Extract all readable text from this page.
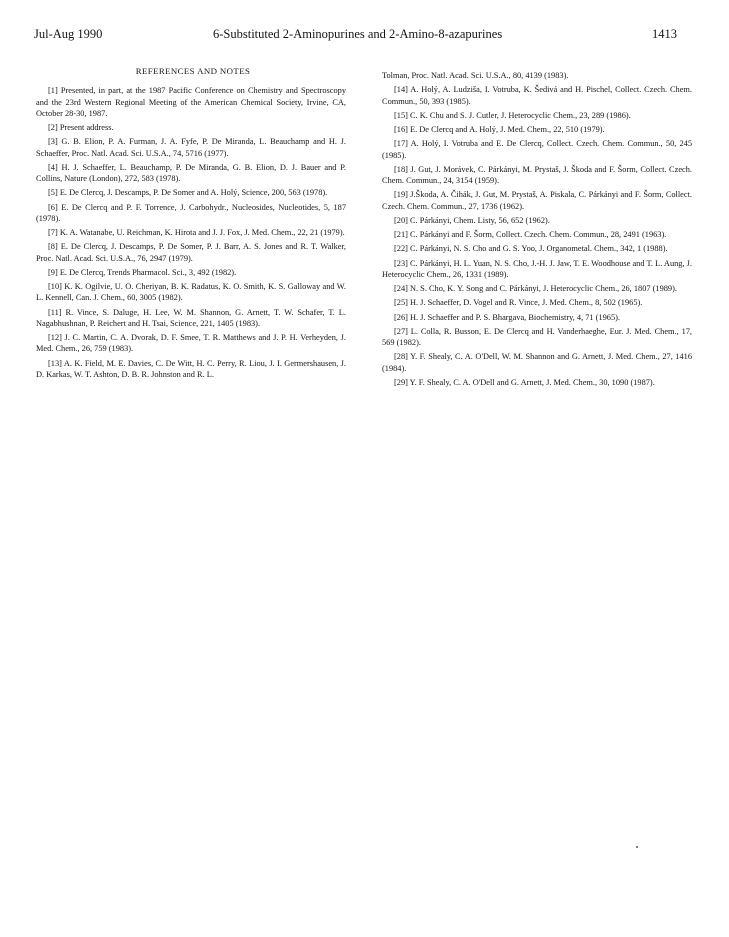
Jul-Aug 1990	6-Substituted 2-Aminopurines and 2-Amino-8-azapurines	1413
REFERENCES AND NOTES

[1] Presented, in part, at the 1987 Pacific Conference on Chemistry and Spectroscopy and the 23rd Western Regional Meeting of the American Chemical Society, Irvine, CA, October 28-30, 1987.

[2] Present address.

[3] G. B. Elion, P. A. Furman, J. A. Fyfe, P. De Miranda, L. Beauchamp and H. J. Schaeffer, Proc. Natl. Acad. Sci. U.S.A., 74, 5716 (1977).

[4] H. J. Schaeffer, L. Beauchamp, P. De Miranda, G. B. Elion, D. J. Bauer and P. Collins, Nature (London), 272, 583 (1978).

[5] E. De Clercq, J. Descamps, P. De Somer and A. Holý, Science, 200, 563 (1978).

[6] E. De Clercq and P. F. Torrence, J. Carbohydr., Nucleosides, Nucleotides, 5, 187 (1978).

[7] K. A. Watanabe, U. Reichman, K. Hirota and J. J. Fox, J. Med. Chem., 22, 21 (1979).

[8] E. De Clercq, J. Descamps, P. De Somer, P. J. Barr, A. S. Jones and R. T. Walker, Proc. Natl. Acad. Sci. U.S.A., 76, 2947 (1979).

[9] E. De Clercq, Trends Pharmacol. Sci., 3, 492 (1982).

[10] K. K. Ogilvie, U. O. Cheriyan, B. K. Radatus, K. O. Smith, K. S. Galloway and W. L. Kennell, Can. J. Chem., 60, 3005 (1982).

[11] R. Vince, S. Daluge, H. Lee, W. M. Shannon, G. Arnett, T. W. Schafer, T. L. Nagabhushnan, P. Reichert and H. Tsai, Science, 221, 1405 (1983).

[12] J. C. Martin, C. A. Dvorak, D. F. Smee, T. R. Matthews and J. P. H. Verheyden, J. Med. Chem., 26, 759 (1983).

[13] A. K. Field, M. E. Davies, C. De Witt, H. C. Perry, R. Liou, J. I. Germershausen, J. D. Karkas, W. T. Ashton, D. B. R. Johnston and R. L.

Tolman, Proc. Natl. Acad. Sci. U.S.A., 80, 4139 (1983).

[14] A. Holý, A. Ludziša, I. Votruba, K. Šedivá and H. Pischel, Collect. Czech. Chem. Commun., 50, 393 (1985).

[15] C. K. Chu and S. J. Cutler, J. Heterocyclic Chem., 23, 289 (1986).

[16] E. De Clercq and A. Holý, J. Med. Chem., 22, 510 (1979).

[17] A. Holý, I. Votruba and E. De Clercq, Collect. Czech. Chem. Commun., 50, 245 (1985).

[18] J. Gut, J. Morávek, C. Párkányi, M. Prystaš, J. Škoda and F. Šorm, Collect. Czech. Chem. Commun., 24, 3154 (1959).

[19] J.Škoda, A. Čihák, J. Gut, M. Prystaš, A. Piskala, C. Párkányi and F. Šorm, Collect. Czech. Chem. Commun., 27, 1736 (1962).

[20] C. Párkányi, Chem. Listy, 56, 652 (1962).

[21] C. Párkányi and F. Šorm, Collect. Czech. Chem. Commun., 28, 2491 (1963).

[22] C. Párkányi, N. S. Cho and G. S. Yoo, J. Organometal. Chem., 342, 1 (1988).

[23] C. Párkányi, H. L. Yuan, N. S. Cho, J.-H. J. Jaw, T. E. Woodhouse and T. L. Aung, J. Heterocyclic Chem., 26, 1331 (1989).

[24] N. S. Cho, K. Y. Song and C. Párkányi, J. Heterocyclic Chem., 26, 1807 (1989).

[25] H. J. Schaeffer, D. Vogel and R. Vince, J. Med. Chem., 8, 502 (1965).

[26] H. J. Schaeffer and P. S. Bhargava, Biochemistry, 4, 71 (1965).

[27] L. Colla, R. Busson, E. De Clercq and H. Vanderhaeghe, Eur. J. Med. Chem., 17, 569 (1982).

[28] Y. F. Shealy, C. A. O'Dell, W. M. Shannon and G. Arnett, J. Med. Chem., 27, 1416 (1984).

[29] Y. F. Shealy, C. A. O'Dell and G. Arnett, J. Med. Chem., 30, 1090 (1987).
